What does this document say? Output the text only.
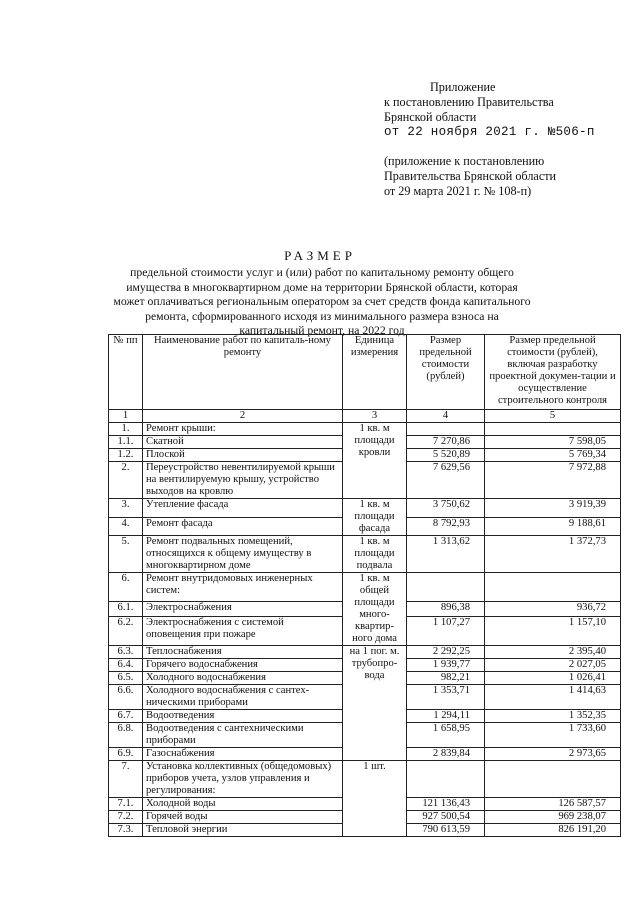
Приложение
к постановлению Правительства
Брянской области
от 22 ноября 2021 г. №506-п
(приложение к постановлению
Правительства Брянской области
от 29 марта 2021 г. № 108-п)
РАЗМЕР
предельной стоимости услуг и (или) работ по капитальному ремонту общего имущества в многоквартирном доме на территории Брянской области, которая может оплачиваться региональным оператором за счет средств фонда капитального ремонта, сформированного исходя из минимального размера взноса на капитальный ремонт, на 2022 год
№ пп	Наименование работ по капиталь-ному ремонту	Единица измерения	Размер предельной стоимости (рублей)	Размер предельной стоимости (рублей), включая разработку проектной докумен-тации и осуществление строительного контроля
1	2	3	4	5
1.	Ремонт крыши:	1 кв. м площади кровли		
1.1.	Скатной		7 270,86	7 598,05
1.2.	Плоской		5 520,89	5 769,34
2.	Переустройство невентилируемой крыши на вентилируемую крышу, устройство выходов на кровлю		7 629,56	7 972,88
3.	Утепление фасада	1 кв. м площади фасада	3 750,62	3 919,39
4.	Ремонт фасада		8 792,93	9 188,61
5.	Ремонт подвальных помещений, относящихся к общему имуществу в многоквартирном доме	1 кв. м площади подвала	1 313,62	1 372,73
6.	Ремонт внутридомовых инженерных систем:	1 кв. м общей площади много-квартир-ного дома		
6.1.	Электроснабжения		896,38	936,72
6.2.	Электроснабжения с системой оповещения при пожаре		1 107,27	1 157,10
6.3.	Теплоснабжения	на 1 пог. м. трубопро-вода	2 292,25	2 395,40
6.4.	Горячего водоснабжения		1 939,77	2 027,05
6.5.	Холодного водоснабжения		982,21	1 026,41
6.6.	Холодного водоснабжения с сантех-ническими приборами		1 353,71	1 414,63
6.7.	Водоотведения		1 294,11	1 352,35
6.8.	Водоотведения с сантехническими приборами		1 658,95	1 733,60
6.9.	Газоснабжения		2 839,84	2 973,65
7.	Установка коллективных (общедомовых) приборов учета, узлов управления и регулирования:	1 шт.		
7.1.	Холодной воды		121 136,43	126 587,57
7.2.	Горячей воды		927 500,54	969 238,07
7.3.	Тепловой энергии		790 613,59	826 191,20
